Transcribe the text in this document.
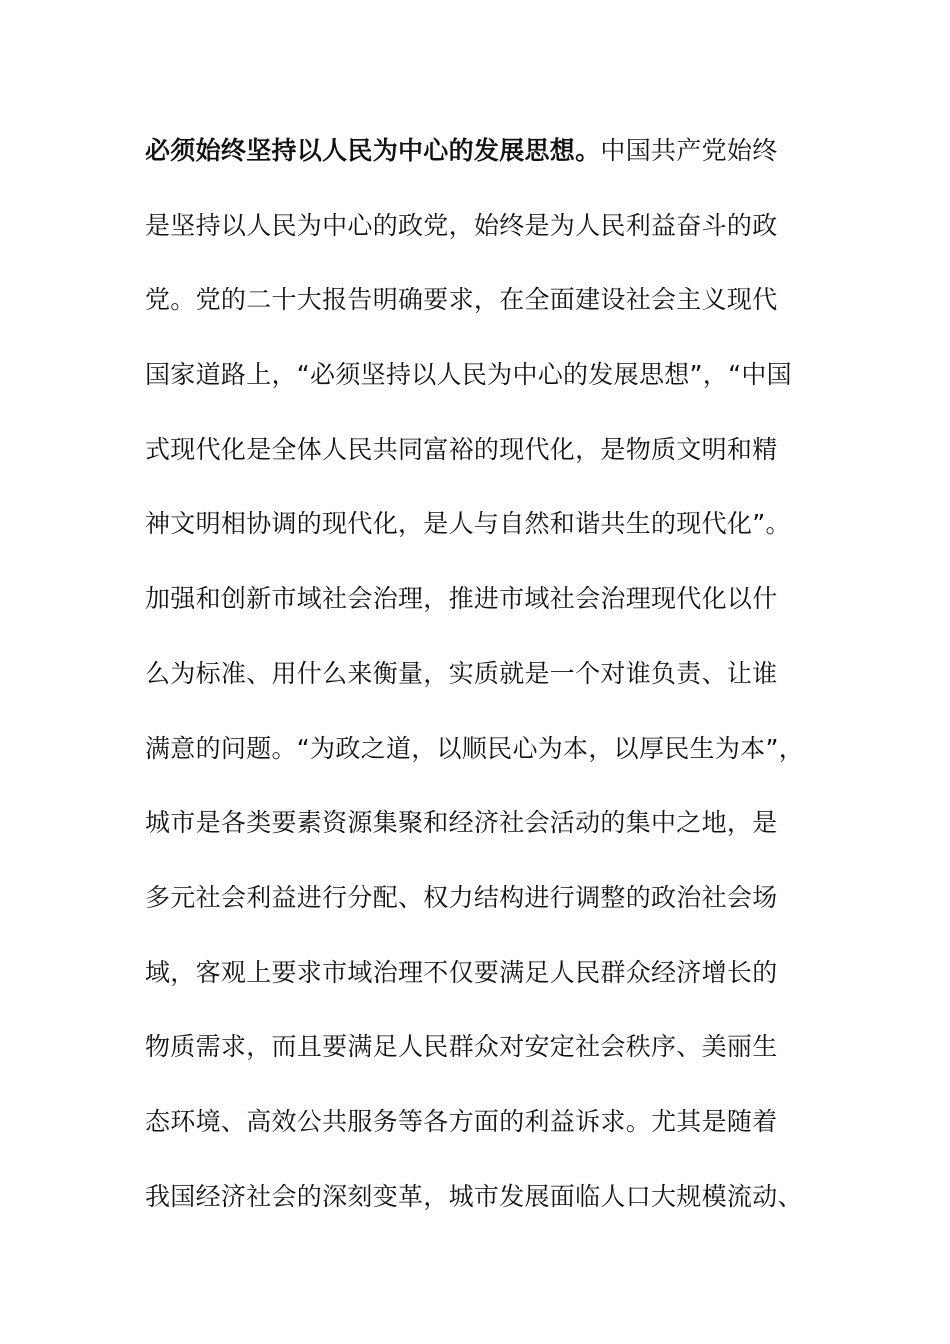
必须始终坚持以人民为中心的发展思想。中国共产党始终
是坚持以人民为中心的政党，始终是为人民利益奋斗的政
党。党的二十大报告明确要求，在全面建设社会主义现代
国家道路上，“必须坚持以人民为中心的发展思想”，“中国
式现代化是全体人民共同富裕的现代化，是物质文明和精
神文明相协调的现代化，是人与自然和谐共生的现代化”。
加强和创新市域社会治理，推进市域社会治理现代化以什
么为标准、用什么来衡量，实质就是一个对谁负责、让谁
满意的问题。“为政之道，以顺民心为本，以厚民生为本”，
城市是各类要素资源集聚和经济社会活动的集中之地，是
多元社会利益进行分配、权力结构进行调整的政治社会场
域，客观上要求市域治理不仅要满足人民群众经济增长的
物质需求，而且要满足人民群众对安定社会秩序、美丽生
态环境、高效公共服务等各方面的利益诉求。尤其是随着
我国经济社会的深刻变革，城市发展面临人口大规模流动、
